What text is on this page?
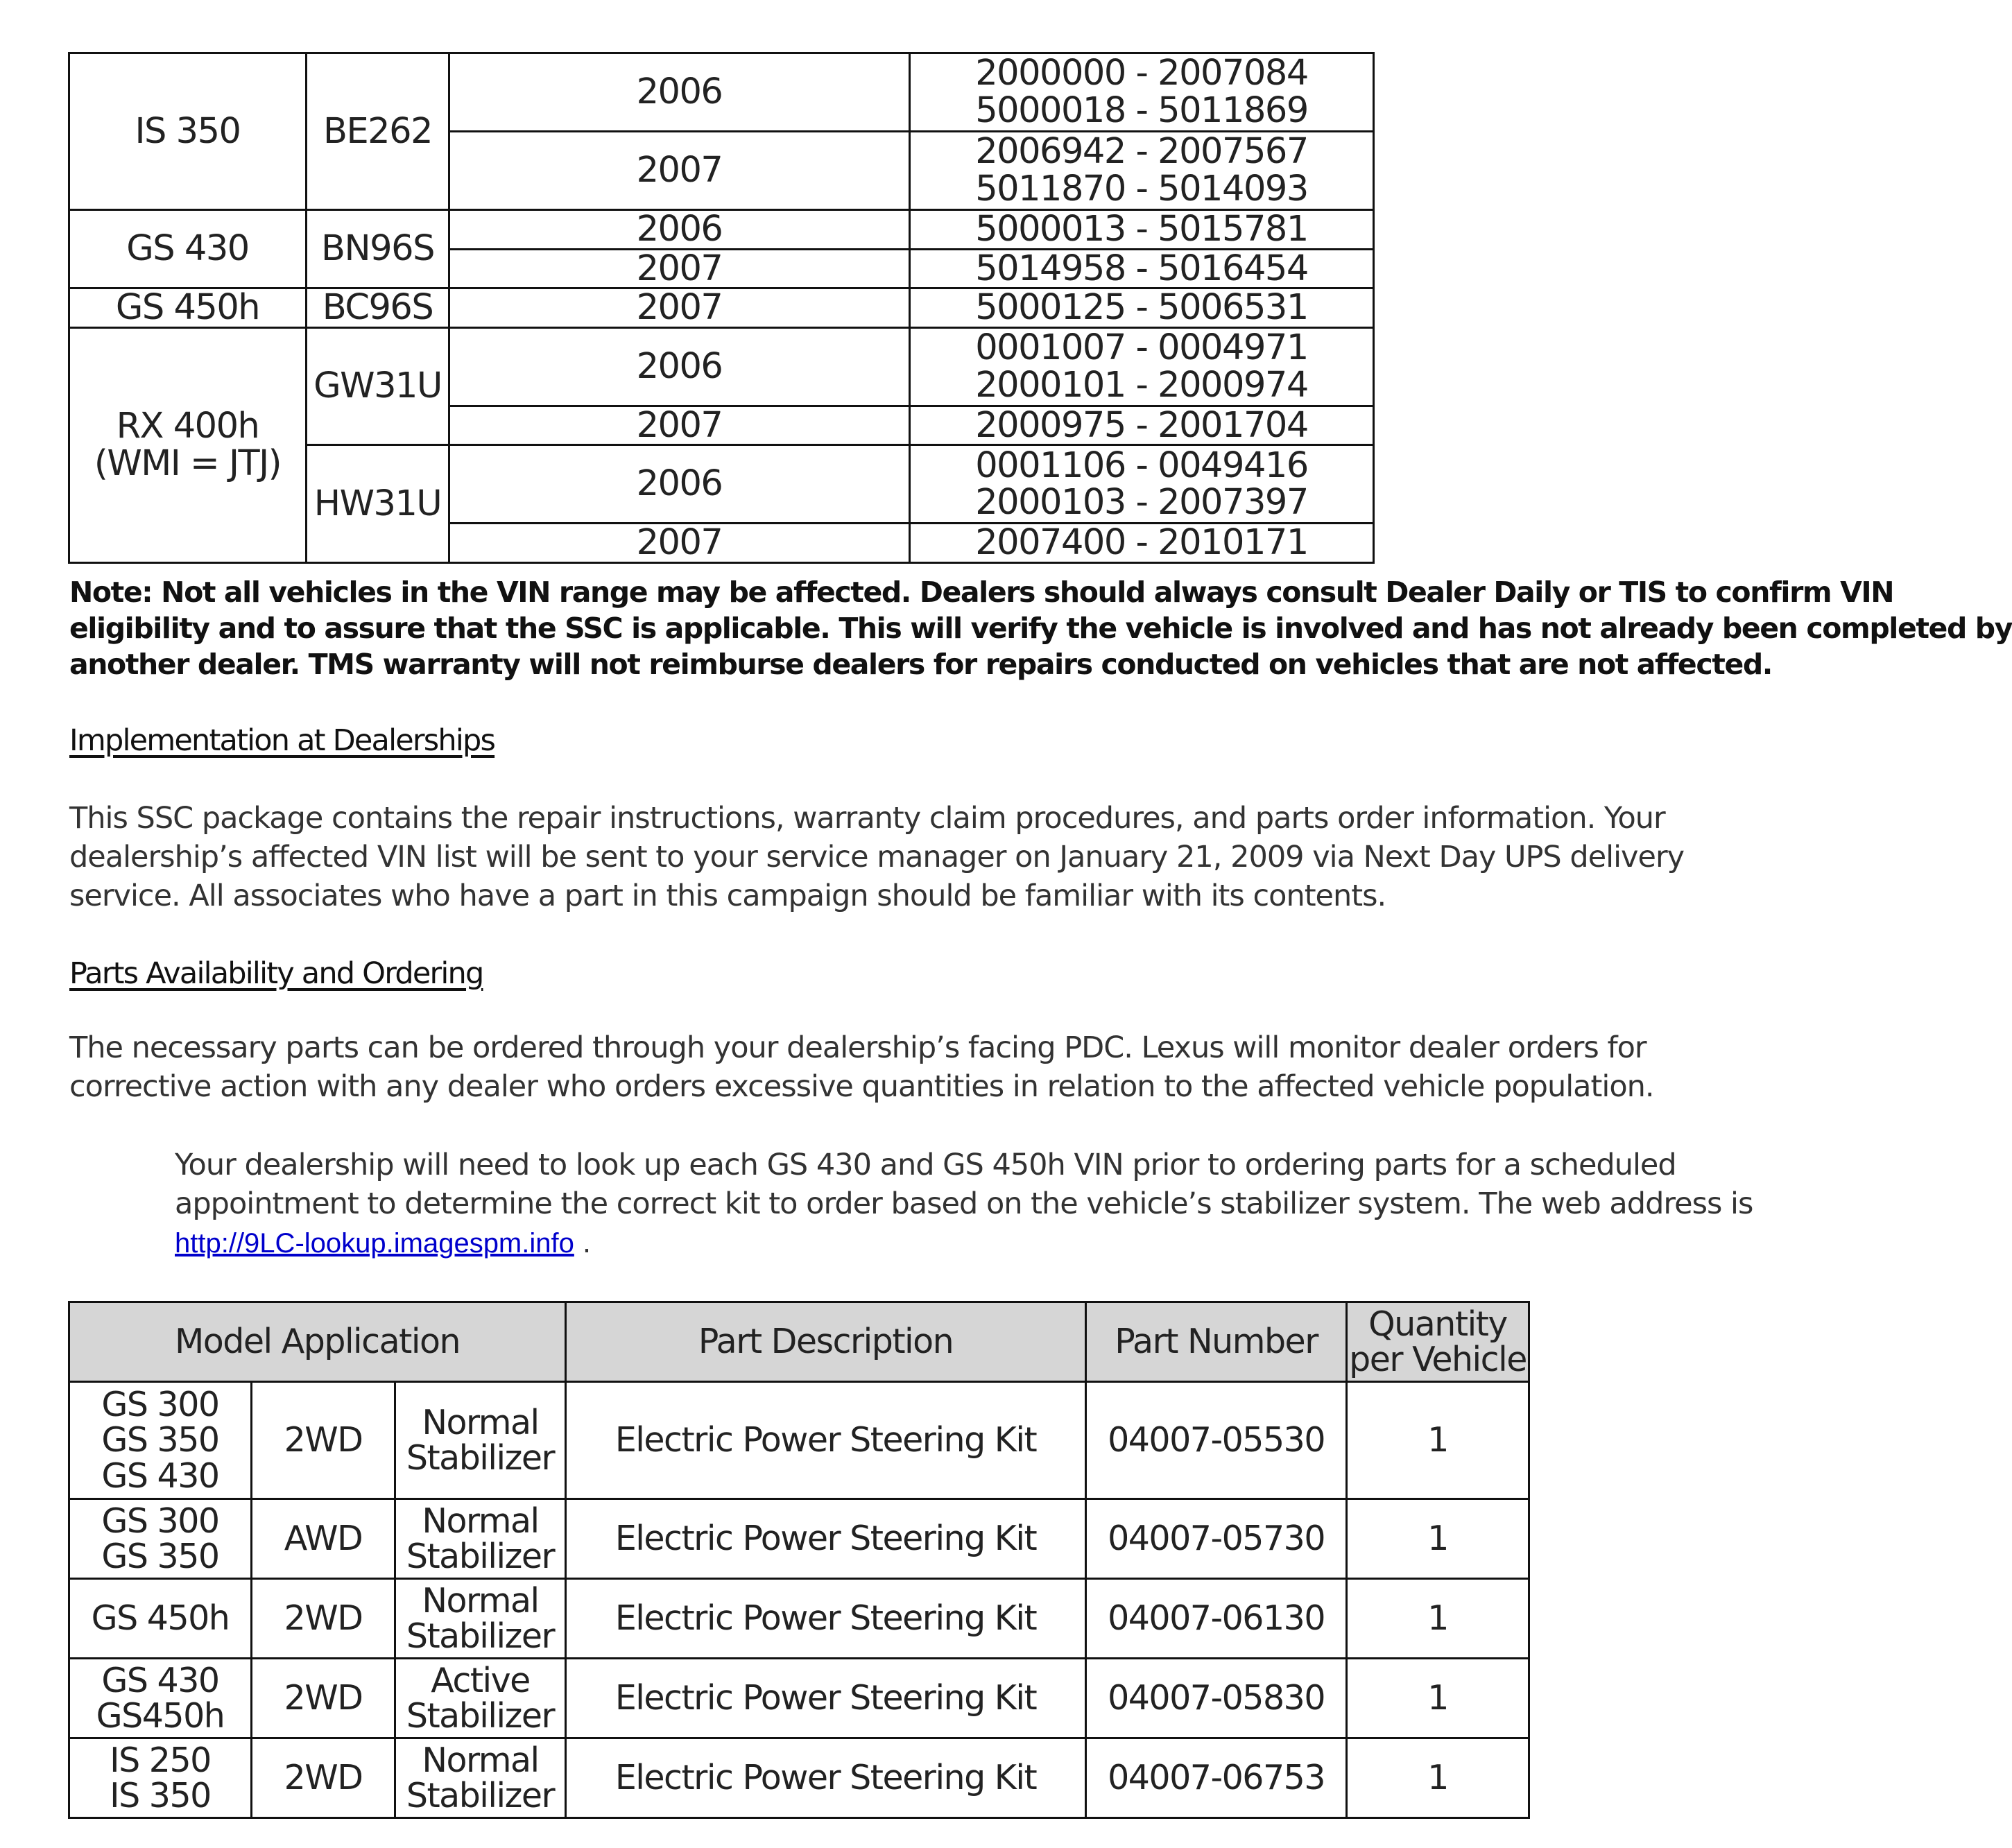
IS 350	BE262	2006	2000000 - 2007084
5000018 - 5011869

		2007	2006942 - 2007567
5011870 - 5014093

GS 430	BN96S	2006	5000013 - 5015781
		2007	5014958 - 5016454
GS 450h	BC96S	2007	5000125 - 5006531

RX 400h
(WMI = JTJ)	GW31U	2006	0001007 - 0004971
2000101 - 2000974

		2007	2000975 - 2001704
	HW31U	2006	0001106 - 0049416
2000103 - 2007397

		2007	2007400 - 2010171
Note: Not all vehicles in the VIN range may be affected. Dealers should always consult Dealer Daily or TIS to confirm VIN
eligibility and to assure that the SSC is applicable. This will verify the vehicle is involved and has not already been completed by
another dealer. TMS warranty will not reimburse dealers for repairs conducted on vehicles that are not affected.
Implementation at Dealerships
This SSC package contains the repair instructions, warranty claim procedures, and parts order information. Your
dealership’s affected VIN list will be sent to your service manager on January 21, 2009 via Next Day UPS delivery
service. All associates who have a part in this campaign should be familiar with its contents.
Parts Availability and Ordering
The necessary parts can be ordered through your dealership’s facing PDC. Lexus will monitor dealer orders for
corrective action with any dealer who orders excessive quantities in relation to the affected vehicle population.
Your dealership will need to look up each GS 430 and GS 450h VIN prior to ordering parts for a scheduled
appointment to determine the correct kit to order based on the vehicle’s stabilizer system. The web address is
http://9LC-lookup.imagespm.info .
Model Application			Part Description	Part Number	Quantity
per Vehicle

GS 300
GS 350
GS 430	2WD	Normal
Stabilizer	Electric Power Steering Kit	04007-05530	1

GS 300
GS 350	AWD	Normal
Stabilizer	Electric Power Steering Kit	04007-05730	1

GS 450h	2WD	Normal
Stabilizer	Electric Power Steering Kit	04007-06130	1

GS 430
GS450h	2WD	Active
Stabilizer	Electric Power Steering Kit	04007-05830	1

IS 250
IS 350	2WD	Normal
Stabilizer	Electric Power Steering Kit	04007-06753	1
